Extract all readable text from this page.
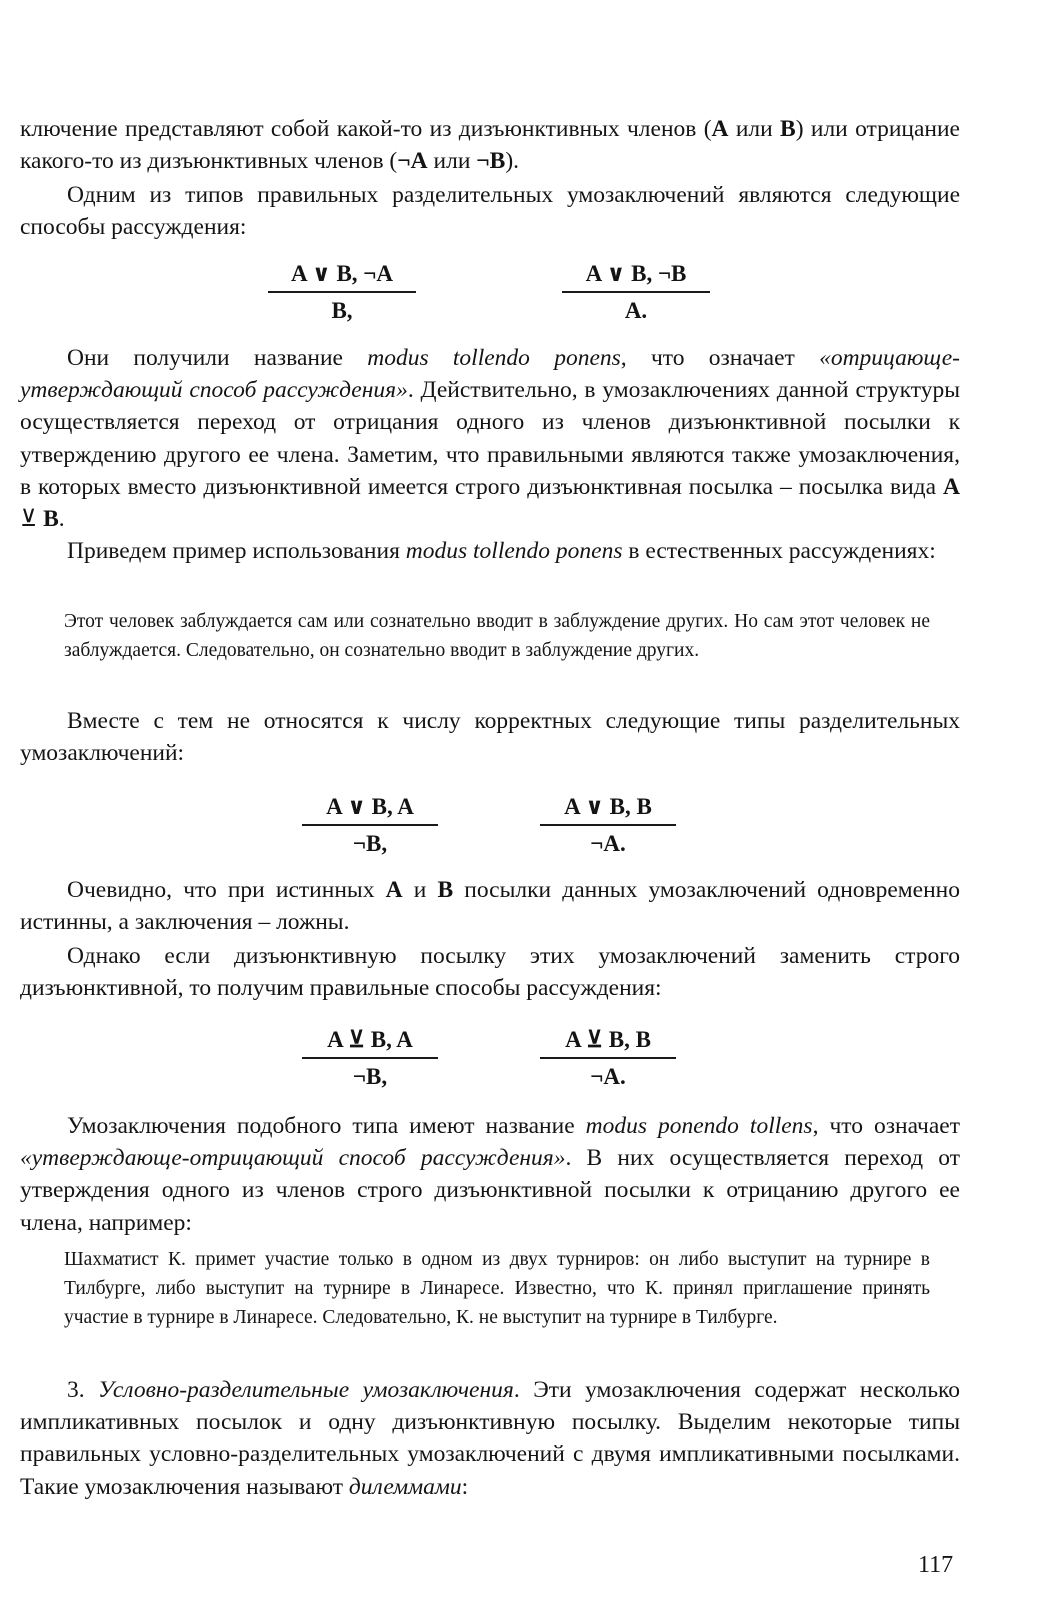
ключение представляют собой какой-то из дизъюнктивных членов (A или B) или отрицание какого-то из дизъюнктивных членов (¬A или ¬B).

Одним из типов правильных разделительных умозаключений являются следующие способы рассуждения:

$\frac{A \vee B, \neg A}{B,}$	$\frac{A \vee B, \neg B}{A.}$

Они получили название modus tollendo ponens, что означает «отрицающе-утверждающий способ рассуждения». Действительно, в умозаключениях данной структуры осуществляется переход от отрицания одного из членов дизъюнктивной посылки к утверждению другого ее члена. Заметим, что правильными являются также умозаключения, в которых вместо дизъюнктивной имеется строго дизъюнктивная посылка – посылка вида A ⊻ B.

Приведем пример использования modus tollendo ponens в естественных рассуждениях:

Этот человек заблуждается сам или сознательно вводит в заблуждение других. Но сам этот человек не заблуждается. Следовательно, он сознательно вводит в заблуждение других.

Вместе с тем не относятся к числу корректных следующие типы разделительных умозаключений:

$\frac{A \vee B, A}{\neg B,}$	$\frac{A \vee B, B}{\neg A.}$

Очевидно, что при истинных A и B посылки данных умозаключений одновременно истинны, а заключения – ложны.

Однако если дизъюнктивную посылку этих умозаключений заменить строго дизъюнктивной, то получим правильные способы рассуждения:

$\frac{A ⊻ B, A}{\neg B,}$	$\frac{A ⊻ B, B}{\neg A.}$

Умозаключения подобного типа имеют название modus ponendo tollens, что означает «утверждающе-отрицающий способ рассуждения». В них осуществляется переход от утверждения одного из членов строго дизъюнктивной посылки к отрицанию другого ее члена, например:

Шахматист К. примет участие только в одном из двух турниров: он либо выступит на турнире в Тилбурге, либо выступит на турнире в Линаресе. Известно, что К. принял приглашение принять участие в турнире в Линаресе. Следовательно, К. не выступит на турнире в Тилбурге.

3. Условно-разделительные умозаключения. Эти умозаключения содержат несколько импликативных посылок и одну дизъюнктивную посылку. Выделим некоторые типы правильных условно-разделительных умозаключений с двумя импликативными посылками. Такие умозаключения называют дилеммами:

117
